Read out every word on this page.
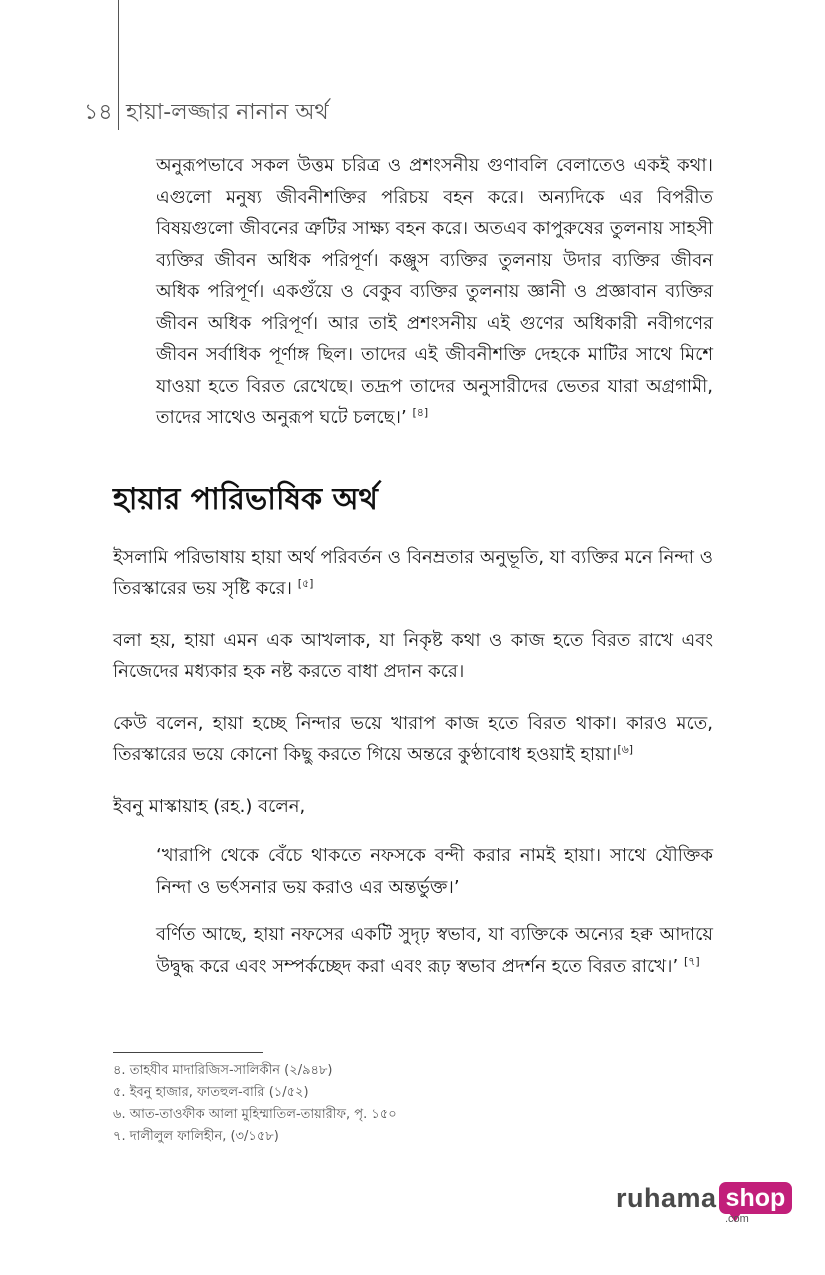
১৪ হায়া-লজ্জার নানান অর্থ

অনুরূপভাবে সকল উত্তম চরিত্র ও প্রশংসনীয় গুণাবলি বেলাতেও একই কথা। এগুলো মনুষ্য জীবনীশক্তির পরিচয় বহন করে। অন্যদিকে এর বিপরীত বিষয়গুলো জীবনের ত্রুটির সাক্ষ্য বহন করে। অতএব কাপুরুষের তুলনায় সাহসী ব্যক্তির জীবন অধিক পরিপূর্ণ। কঞ্জুস ব্যক্তির তুলনায় উদার ব্যক্তির জীবন অধিক পরিপূর্ণ। একগুঁয়ে ও বেকুব ব্যক্তির তুলনায় জ্ঞানী ও প্রজ্ঞাবান ব্যক্তির জীবন অধিক পরিপূর্ণ। আর তাই প্রশংসনীয় এই গুণের অধিকারী নবীগণের জীবন সর্বাধিক পূর্ণাঙ্গ ছিল। তাদের এই জীবনীশক্তি দেহকে মাটির সাথে মিশে যাওয়া হতে বিরত রেখেছে। তদ্রূপ তাদের অনুসারীদের ভেতর যারা অগ্রগামী, তাদের সাথেও অনুরূপ ঘটে চলছে।’ [৪]

হায়ার পারিভাষিক অর্থ

ইসলামি পরিভাষায় হায়া অর্থ পরিবর্তন ও বিনম্রতার অনুভূতি, যা ব্যক্তির মনে নিন্দা ও তিরস্কারের ভয় সৃষ্টি করে। [৫]

বলা হয়, হায়া এমন এক আখলাক, যা নিকৃষ্ট কথা ও কাজ হতে বিরত রাখে এবং নিজেদের মধ্যকার হক নষ্ট করতে বাধা প্রদান করে।

কেউ বলেন, হায়া হচ্ছে নিন্দার ভয়ে খারাপ কাজ হতে বিরত থাকা। কারও মতে, তিরস্কারের ভয়ে কোনো কিছু করতে গিয়ে অন্তরে কুণ্ঠাবোধ হওয়াই হায়া।[৬]

ইবনু মাস্কায়াহ (রহ.) বলেন,

‘খারাপি থেকে বেঁচে থাকতে নফসকে বন্দী করার নামই হায়া। সাথে যৌক্তিক নিন্দা ও ভর্ৎসনার ভয় করাও এর অন্তর্ভুক্ত।’

বর্ণিত আছে, হায়া নফসের একটি সুদৃঢ় স্বভাব, যা ব্যক্তিকে অন্যের হক্ব আদায়ে উদ্বুদ্ধ করে এবং সম্পর্কচ্ছেদ করা এবং রূঢ় স্বভাব প্রদর্শন হতে বিরত রাখে।’ [৭]

৪. তাহযীব মাদারিজিস-সালিকীন (২/৯৪৮)
৫. ইবনু হাজার, ফাতহুল-বারি (১/৫২)
৬. আত-তাওফীক আলা মুহিম্মাতিল-তায়ারীফ, পৃ. ১৫০
৭. দালীলুল ফালিহীন, (৩/১৫৮)
ruhama shop
.com
